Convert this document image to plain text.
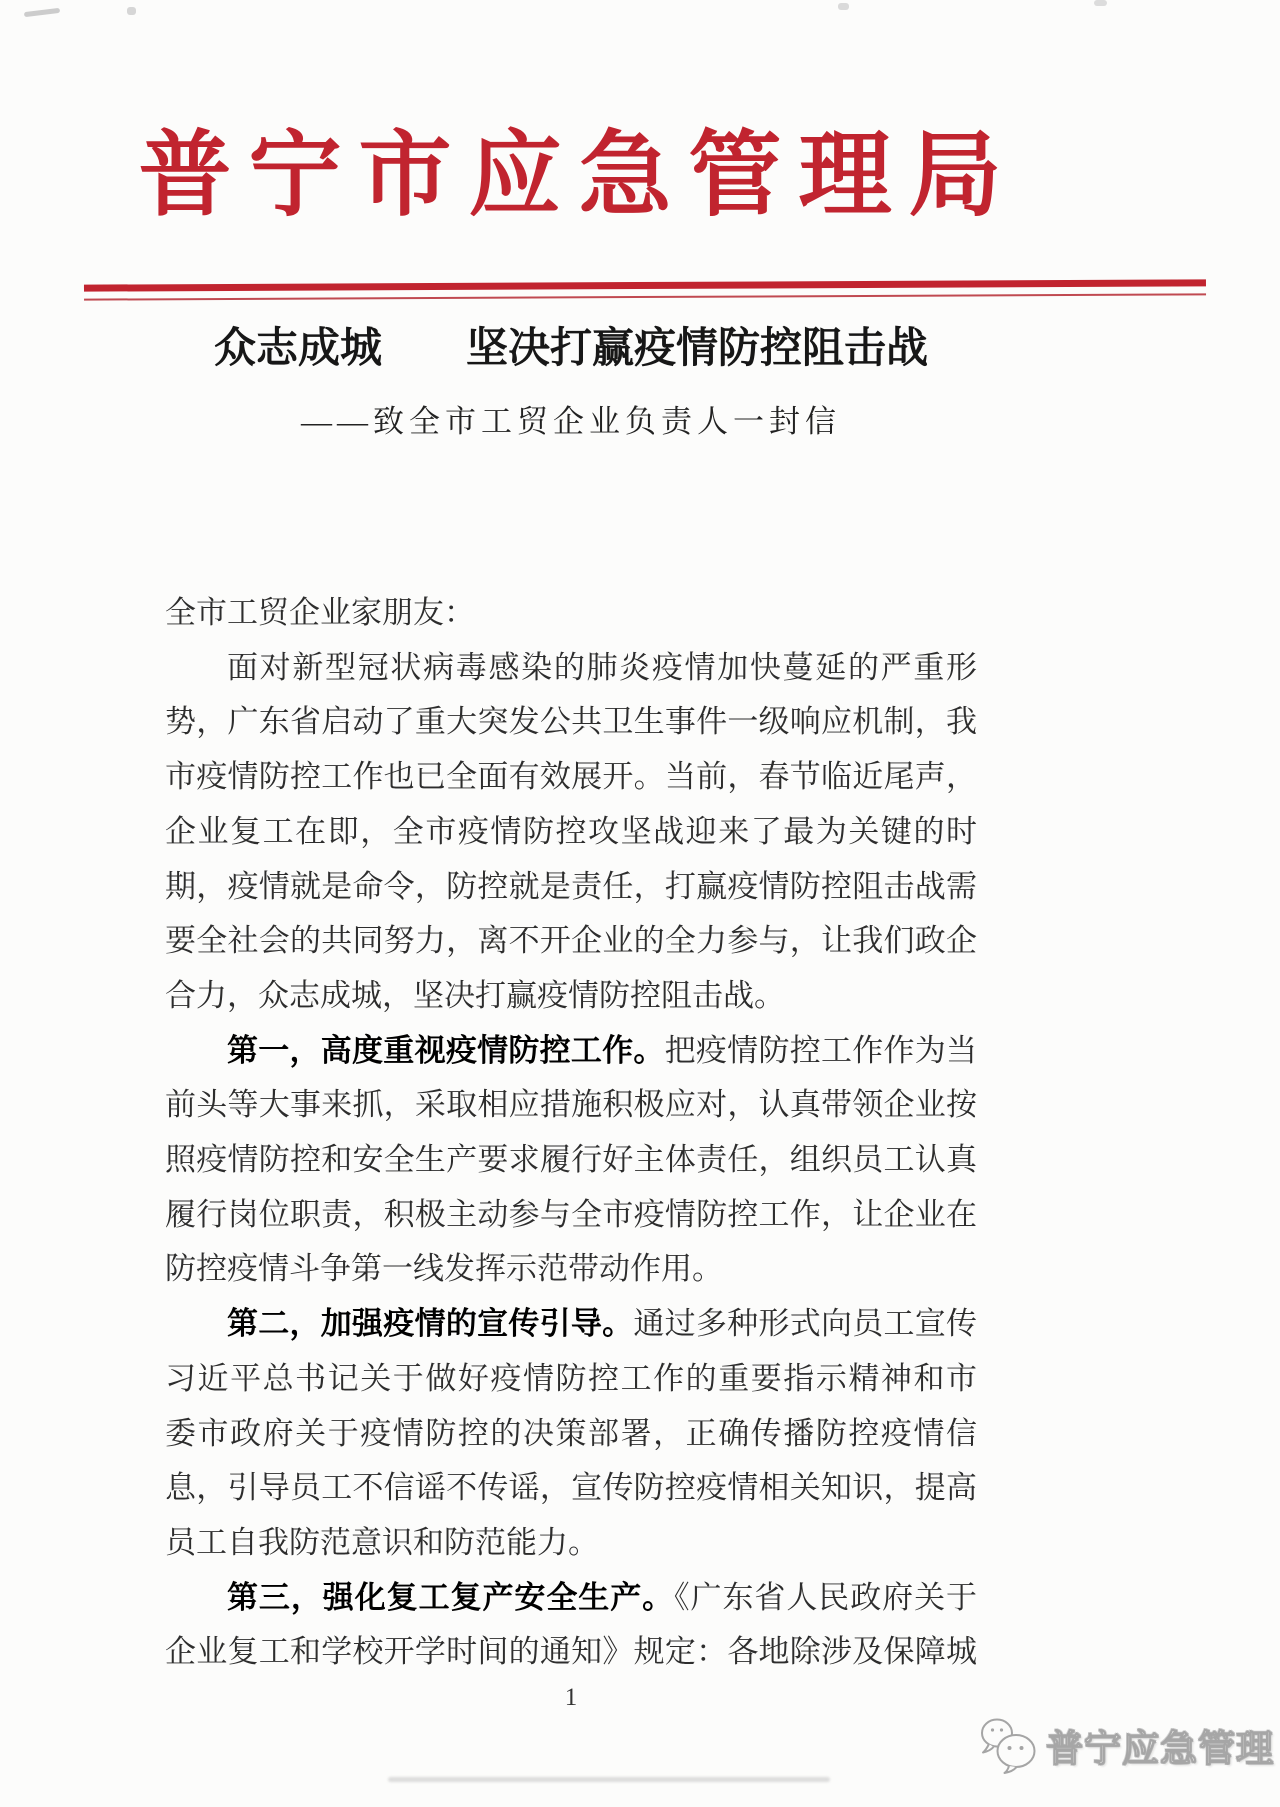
普宁市应急管理局
众志成城　　坚决打赢疫情防控阻击战
——致全市工贸企业负责人一封信
全市工贸企业家朋友：
面对新型冠状病毒感染的肺炎疫情加快蔓延的严重形
势，广东省启动了重大突发公共卫生事件一级响应机制，我
市疫情防控工作也已全面有效展开。当前，春节临近尾声，
企业复工在即，全市疫情防控攻坚战迎来了最为关键的时
期，疫情就是命令，防控就是责任，打赢疫情防控阻击战需
要全社会的共同努力，离不开企业的全力参与，让我们政企
合力，众志成城，坚决打赢疫情防控阻击战。
第一，高度重视疫情防控工作。把疫情防控工作作为当
前头等大事来抓，采取相应措施积极应对，认真带领企业按
照疫情防控和安全生产要求履行好主体责任，组织员工认真
履行岗位职责，积极主动参与全市疫情防控工作，让企业在
防控疫情斗争第一线发挥示范带动作用。
第二，加强疫情的宣传引导。通过多种形式向员工宣传
习近平总书记关于做好疫情防控工作的重要指示精神和市
委市政府关于疫情防控的决策部署，正确传播防控疫情信
息，引导员工不信谣不传谣，宣传防控疫情相关知识，提高
员工自我防范意识和防范能力。
第三，强化复工复产安全生产。《广东省人民政府关于
企业复工和学校开学时间的通知》规定：各地除涉及保障城
1
普宁应急管理
